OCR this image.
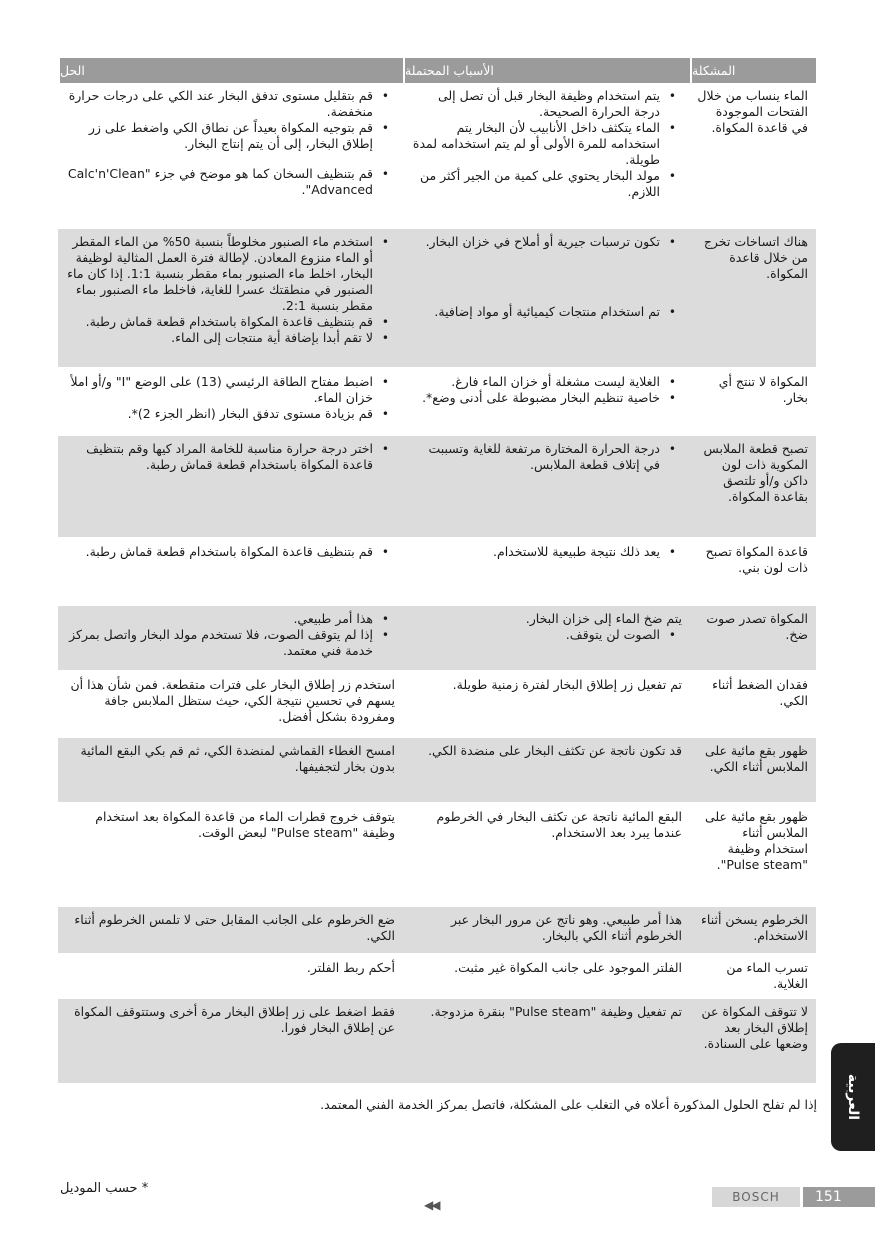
المشكلة
الأسباب المحتملة
الحل
الماء ينساب من خلال الفتحات الموجودة في قاعدة المكواة.
• يتم استخدام وظيفة البخار قبل أن تصل إلى درجة الحرارة الصحيحة.
• الماء يتكثف داخل الأنابيب لأن البخار يتم استخدامه للمرة الأولى أو لم يتم استخدامه لمدة طويلة.
• مولد البخار يحتوي على كمية من الجير أكثر من اللازم.
• قم بتقليل مستوى تدفق البخار عند الكي على درجات حرارة منخفضة.
• قم بتوجيه المكواة بعيداً عن نطاق الكي واضغط على زر إطلاق البخار، إلى أن يتم إنتاج البخار.
• قم بتنظيف السخان كما هو موضح في جزء "Calc'n'Clean Advanced".
هناك اتساخات تخرج من خلال قاعدة المكواة.
• تكون ترسبات جيرية أو أملاح في خزان البخار.
• تم استخدام منتجات كيميائية أو مواد إضافية.
• استخدم ماء الصنبور مخلوطاً بنسبة 50% من الماء المقطر أو الماء منزوع المعادن. لإطالة فترة العمل المثالية لوظيفة البخار، اخلط ماء الصنبور بماء مقطر بنسبة 1:1. إذا كان ماء الصنبور في منطقتك عسرا للغاية، فاخلط ماء الصنبور بماء مقطر بنسبة 2:1.
• قم بتنظيف قاعدة المكواة باستخدام قطعة قماش رطبة.
• لا تقم أبدا بإضافة أية منتجات إلى الماء.
المكواة لا تنتج أي بخار.
• الغلاية ليست مشغلة أو خزان الماء فارغ.
• خاصية تنظيم البخار مضبوطة على أدنى وضع*.
• اضبط مفتاح الطاقة الرئيسي (13) على الوضع "I" و/أو املأ خزان الماء.
• قم بزيادة مستوى تدفق البخار (انظر الجزء 2)*.
تصبح قطعة الملابس المكوية ذات لون داكن و/أو تلتصق بقاعدة المكواة.
• درجة الحرارة المختارة مرتفعة للغاية وتسببت في إتلاف قطعة الملابس.
• اختر درجة حرارة مناسبة للخامة المراد كيها وقم بتنظيف قاعدة المكواة باستخدام قطعة قماش رطبة.
قاعدة المكواة تصبح ذات لون بني.
• يعد ذلك نتيجة طبيعية للاستخدام.
• قم بتنظيف قاعدة المكواة باستخدام قطعة قماش رطبة.
المكواة تصدر صوت ضخ.
يتم ضخ الماء إلى خزان البخار.
• الصوت لن يتوقف.
• هذا أمر طبيعي.
• إذا لم يتوقف الصوت، فلا تستخدم مولد البخار واتصل بمركز خدمة فني معتمد.
فقدان الضغط أثناء الكي.
تم تفعيل زر إطلاق البخار لفترة زمنية طويلة.
استخدم زر إطلاق البخار على فترات متقطعة. فمن شأن هذا أن يسهم في تحسين نتيجة الكي، حيث ستظل الملابس جافة ومفرودة بشكل أفضل.
ظهور بقع مائية على الملابس أثناء الكي.
قد تكون ناتجة عن تكثف البخار على منضدة الكي.
امسح الغطاء القماشي لمنضدة الكي، ثم قم بكي البقع المائية بدون بخار لتجفيفها.
ظهور بقع مائية على الملابس أثناء استخدام وظيفة "Pulse steam".
البقع المائية ناتجة عن تكثف البخار في الخرطوم عندما يبرد بعد الاستخدام.
يتوقف خروج قطرات الماء من قاعدة المكواة بعد استخدام وظيفة "Pulse steam" لبعض الوقت.
الخرطوم يسخن أثناء الاستخدام.
هذا أمر طبيعي. وهو ناتج عن مرور البخار عبر الخرطوم أثناء الكي بالبخار.
ضع الخرطوم على الجانب المقابل حتى لا تلمس الخرطوم أثناء الكي.
تسرب الماء من الغلاية.
الفلتر الموجود على جانب المكواة غير مثبت.
أحكم ربط الفلتر.
لا تتوقف المكواة عن إطلاق البخار بعد وضعها على السنادة.
تم تفعيل وظيفة "Pulse steam" بنقرة مزدوجة.
فقط اضغط على زر إطلاق البخار مرة أخرى وستتوقف المكواة عن إطلاق البخار فورا.
إذا لم تفلح الحلول المذكورة أعلاه في التغلب على المشكلة، فاتصل بمركز الخدمة الفني المعتمد. العربية
* حسب الموديل
◀◀
BOSCH	151
